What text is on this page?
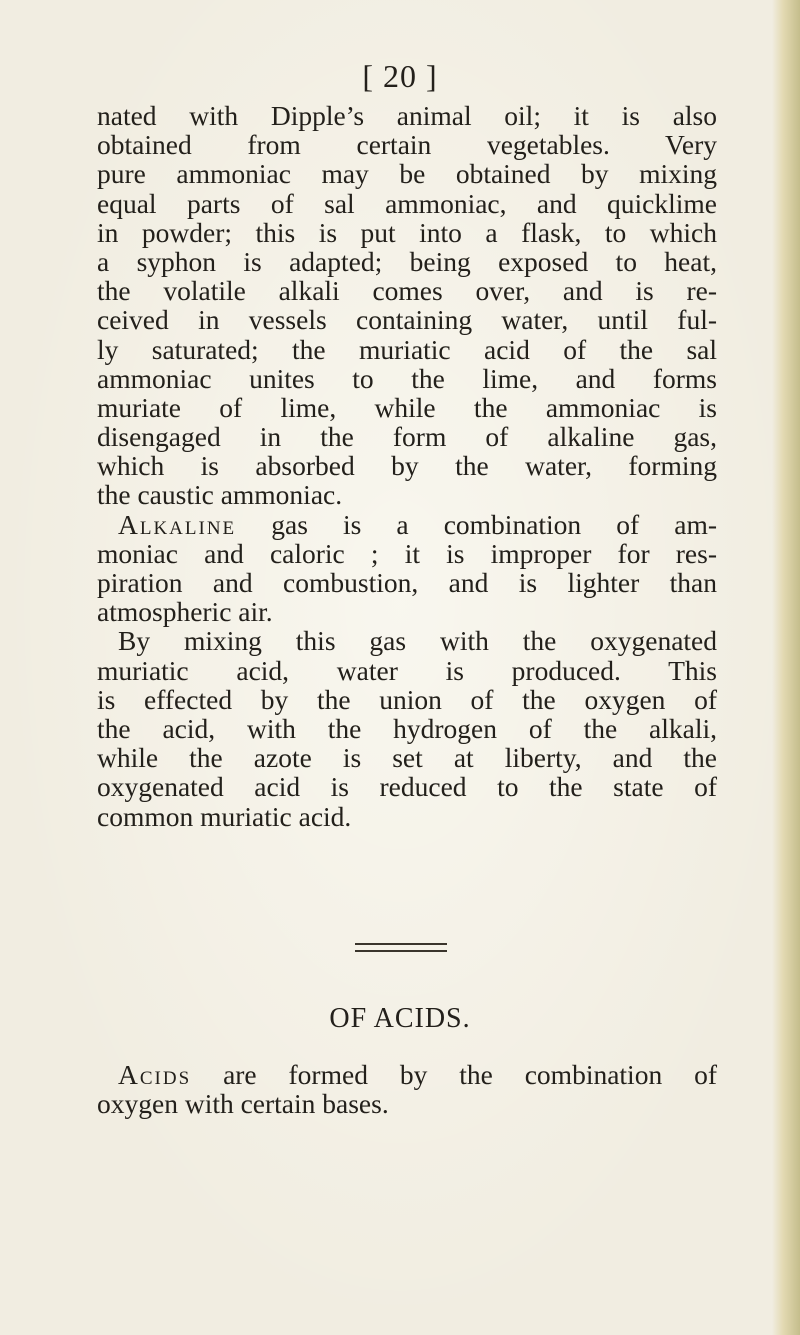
[ 20 ]
nated with Dipple’s animal oil; it is also
obtained from certain vegetables. Very
pure ammoniac may be obtained by mixing
equal parts of sal ammoniac, and quicklime
in powder; this is put into a flask, to which
a syphon is adapted; being exposed to heat,
the volatile alkali comes over, and is re-
ceived in vessels containing water, until ful-
ly saturated; the muriatic acid of the sal
ammoniac unites to the lime, and forms
muriate of lime, while the ammoniac is
disengaged in the form of alkaline gas,
which is absorbed by the water, forming
the caustic ammoniac.
Alkaline gas is a combination of am-
moniac and caloric ; it is improper for res-
piration and combustion, and is lighter than
atmospheric air.
By mixing this gas with the oxygenated
muriatic acid, water is produced. This
is effected by the union of the oxygen of
the acid, with the hydrogen of the alkali,
while the azote is set at liberty, and the
oxygenated acid is reduced to the state of
common muriatic acid.
OF ACIDS.
Acids are formed by the combination of
oxygen with certain bases.
